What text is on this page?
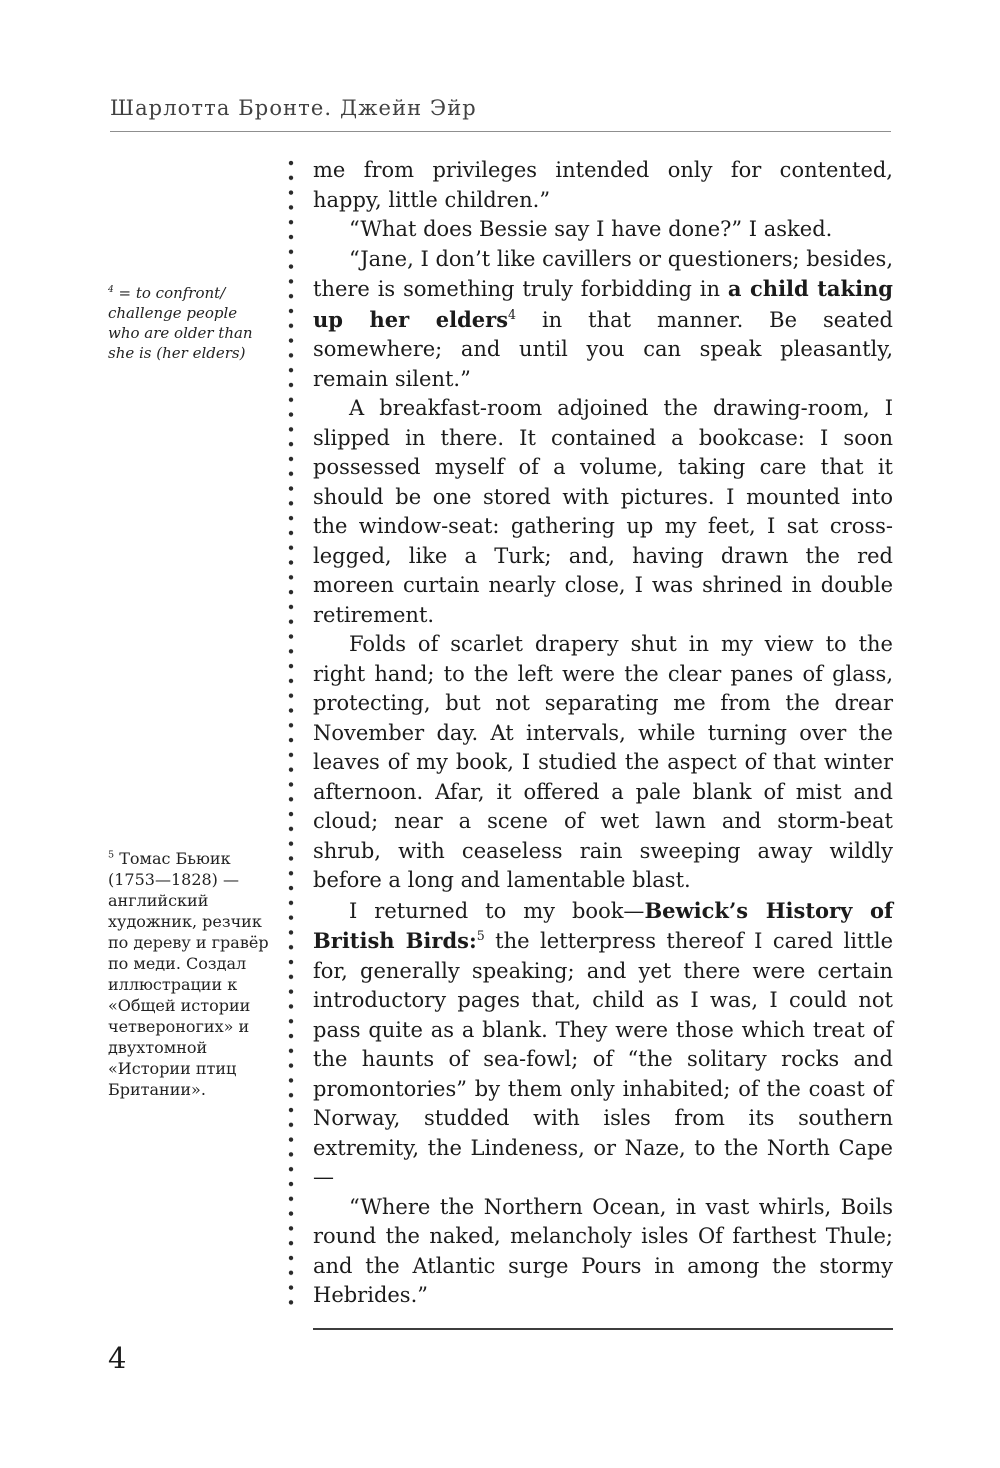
Шарлотта Бронте. Джейн Эйр
$^4$ = to confront/ challenge people who are older than she is (her elders)
$^5$ Томас Бьюик (1753—1828) — английский художник, резчик по дереву и гравёр по меди. Создал иллюстрации к «Общей истории четвероногих» и двухтомной «Истории птиц Британии».

me from privileges intended only for contented, happy, little children.”

“What does Bessie say I have done?” I asked.

“Jane, I don’t like cavillers or questioners; besides, there is something truly forbidding in a child taking up her elders$^4$ in that manner. Be seated somewhere; and until you can speak pleasantly, remain silent.”

A breakfast-room adjoined the drawing-room, I slipped in there. It contained a bookcase: I soon possessed myself of a volume, taking care that it should be one stored with pictures. I mounted into the window-seat: gathering up my feet, I sat cross-legged, like a Turk; and, having drawn the red moreen curtain nearly close, I was shrined in double retirement.

Folds of scarlet drapery shut in my view to the right hand; to the left were the clear panes of glass, protecting, but not separating me from the drear November day. At intervals, while turning over the leaves of my book, I studied the aspect of that winter afternoon. Afar, it offered a pale blank of mist and cloud; near a scene of wet lawn and storm-beat shrub, with ceaseless rain sweeping away wildly before a long and lamentable blast.

I returned to my book—Bewick’s History of British Birds:$^5$ the letterpress thereof I cared little for, generally speaking; and yet there were certain introductory pages that, child as I was, I could not pass quite as a blank. They were those which treat of the haunts of sea-fowl; of “the solitary rocks and promontories” by them only inhabited; of the coast of Norway, studded with isles from its southern extremity, the Lindeness, or Naze, to the North Cape—

“Where the Northern Ocean, in vast whirls, Boils round the naked, melancholy isles Of farthest Thule; and the Atlantic surge Pours in among the stormy Hebrides.”

4
